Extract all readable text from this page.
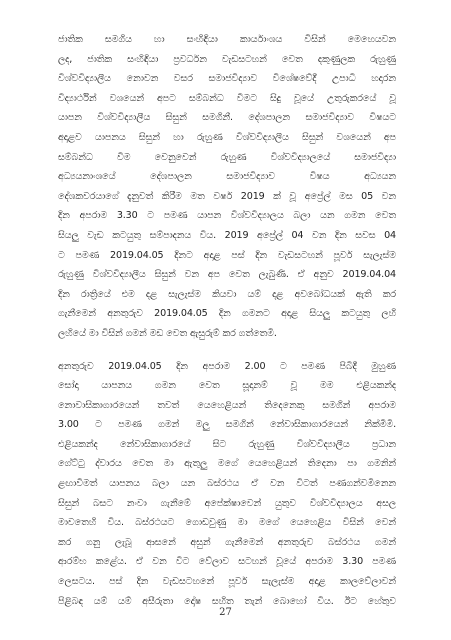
ජාතික සමගිය හා සංහිඳියා කාර්යාංශය විසින් මෙහෙයවන

ලද, ජාතික සංහිඳියා ප්‍රවර්ධන වැඩසටහන් වෙත දකුණුලක රුහුණු

විශ්වවිද්‍යාලීය නොවන වසර සමාජවිද්‍යාව විශේෂවේදී උපාධි හදාරන

විද්‍යාර්ථින් වශයෙන් අපට සම්බන්ධ වීමට සිදු වූයේ උතුරුකරයේ වූ

යාපන විශ්වවිද්‍යාලීය සිසුන් සමගිනී. දේශපාලන සමාජවිද්‍යාව විෂයට

අදාළව යාපනය සිසුන් හා රුහුණ විශ්වවිද්‍යාලීය සිසුන් වශයෙන් අප

සම්බන්ධ වීම වෙනුවෙන් රුහුණ විශ්වවිද්‍යාලයේ සමාජවිද්‍යා

අධ්‍යයනාංශයේ දේශපාලන සමාජවිද්‍යාව විෂය අධ්‍යයන

දේශකවරයාගේ දැනුවත් කිරීම මත වර්ෂ 2019 ක් වූ අප්‍රේල් මස 05 වන

දින අපරාම 3.30 ට පමණ යාපන විශ්වවිද්‍යාලය බලා යන ගමන වෙත

සියලු වැඩ කටයුතු සම්පාදනය විය. 2019 අප්‍රේල් 04 වන දින සවස 04

ට පමණ 2019.04.05 දිනට අදාළ පස් දින වැඩසටහන් පූර්ව සැලැස්ම

රුහුණු විශ්වවිද්‍යාලීය සිසුන් වන අප වෙත ලැබුණි. ඒ අනුව 2019.04.04

දින රාත්‍රියේ එම දළ සැලැස්ම කියවා යම් දළ අවබෝධයක් ඇති කර

ගැනීමෙන් අනතුරුව 2019.04.05 දින ගමනට අදාළ සියලු කටයුතු ලහි

ලහියේ මා විසින් ගමන් මඩ වෙත ඇසුරුම් කර ගත්තෙමි.

අනතුරුව 2019.04.05 දින අපරාම 2.00 ට පමණ පිබිදී මුහුණ

සෝදා යාපනය ගමන වෙත සූදානම් වූ මම එළියකන්ද

නොවාසිකාගාරයෙන් තවත් යෙහෙළියන් තිදෙනෙකු සමගින් අපරාම

3.00 ට පමණ ගමන් මලු සමගින් නේවාසිකාගාරයෙන් නික්මීමි.

එළියකන්ද නේවාසිකාගාරයේ සිට රුහුණු විශ්වවිද්‍යාලීය ප්‍රධාන

ගේට්ටු ද්වාරය වෙත මා ඇතුලු මගේ යෙහෙළියන් තිදෙනා පා ගමනින්

ළඟාවීමත් යාපනය බලා යන බස්රථය ඒ වන විටත් පණගන්වමිනෙන

සිසුන් බසට නංවා ගැනීමේ අපේක්ෂාවෙන් යුතුව විශ්වවිද්‍යාලය අසල

මාවතෙහි විය. බස්රථයට ගොඩවුණු මා මගේ යෙහෙළිය විසින් වෙන්

කර ගනු ලැබූ ආසනේ අසුන් ගැනීමෙන් අනතුරුව බස්රථය ගමන්

ආරම්භ කළේය. ඒ වන විට වේලාව සටහන් වූයේ අපරාම 3.30 පමණ

ලෙසටය. පස් දින වැඩසටහනේ පූර්ව සැලැස්ම අදාළ කාලවේලාවන්

පිළිබඳ යම් යම් අසීරුතා දෝෂ සහිත තැන් බොහෝ විය. ඊට හේතුව

27
